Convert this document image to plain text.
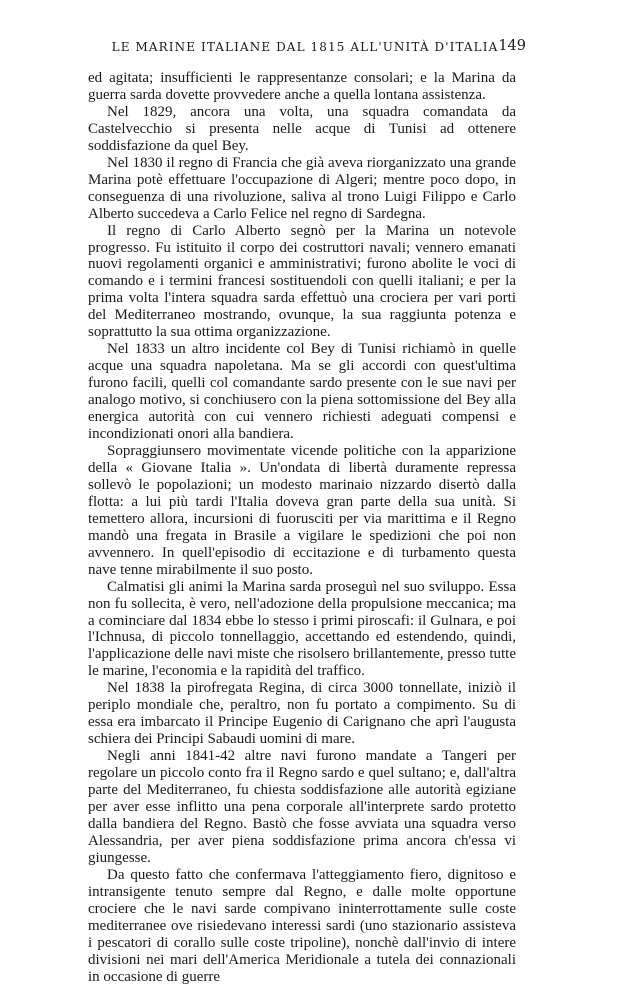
LE MARINE ITALIANE DAL 1815 ALL'UNITÀ D'ITALIA 149

ed agitata; insufficienti le rappresentanze consolari; e la Marina da guerra sarda dovette provvedere anche a quella lontana assistenza.

Nel 1829, ancora una volta, una squadra comandata da Castelvecchio si presenta nelle acque di Tunisi ad ottenere soddisfazione da quel Bey.

Nel 1830 il regno di Francia che già aveva riorganizzato una grande Marina potè effettuare l'occupazione di Algeri; mentre poco dopo, in conseguenza di una rivoluzione, saliva al trono Luigi Filippo e Carlo Alberto succedeva a Carlo Felice nel regno di Sardegna.

Il regno di Carlo Alberto segnò per la Marina un notevole progresso. Fu istituito il corpo dei costruttori navali; vennero emanati nuovi regolamenti organici e amministrativi; furono abolite le voci di comando e i termini francesi sostituendoli con quelli italiani; e per la prima volta l'intera squadra sarda effettuò una crociera per vari porti del Mediterraneo mostrando, ovunque, la sua raggiunta potenza e soprattutto la sua ottima organizzazione.

Nel 1833 un altro incidente col Bey di Tunisi richiamò in quelle acque una squadra napoletana. Ma se gli accordi con quest'ultima furono facili, quelli col comandante sardo presente con le sue navi per analogo motivo, si conchiusero con la piena sottomissione del Bey alla energica autorità con cui vennero richiesti adeguati compensi e incondizionati onori alla bandiera.

Sopraggiunsero movimentate vicende politiche con la apparizione della « Giovane Italia ». Un'ondata di libertà duramente repressa sollevò le popolazioni; un modesto marinaio nizzardo disertò dalla flotta: a lui più tardi l'Italia doveva gran parte della sua unità. Si temettero allora, incursioni di fuorusciti per via marittima e il Regno mandò una fregata in Brasile a vigilare le spedizioni che poi non avvennero. In quell'episodio di eccitazione e di turbamento questa nave tenne mirabilmente il suo posto.

Calmatisi gli animi la Marina sarda proseguì nel suo sviluppo. Essa non fu sollecita, è vero, nell'adozione della propulsione meccanica; ma a cominciare dal 1834 ebbe lo stesso i primi piroscafi: il Gulnara, e poi l'Ichnusa, di piccolo tonnellaggio, accettando ed estendendo, quindi, l'applicazione delle navi miste che risolsero brillantemente, presso tutte le marine, l'economia e la rapidità del traffico.

Nel 1838 la pirofregata Regina, di circa 3000 tonnellate, iniziò il periplo mondiale che, peraltro, non fu portato a compimento. Su di essa era imbarcato il Principe Eugenio di Carignano che aprì l'augusta schiera dei Principi Sabaudi uomini di mare.

Negli anni 1841-42 altre navi furono mandate a Tangeri per regolare un piccolo conto fra il Regno sardo e quel sultano; e, dall'altra parte del Mediterraneo, fu chiesta soddisfazione alle autorità egiziane per aver esse inflitto una pena corporale all'interprete sardo protetto dalla bandiera del Regno. Bastò che fosse avviata una squadra verso Alessandria, per aver piena soddisfazione prima ancora ch'essa vi giungesse.

Da questo fatto che confermava l'atteggiamento fiero, dignitoso e intransigente tenuto sempre dal Regno, e dalle molte opportune crociere che le navi sarde compivano ininterrottamente sulle coste mediterranee ove risiedevano interessi sardi (uno stazionario assisteva i pescatori di corallo sulle coste tripoline), nonchè dall'invio di intere divisioni nei mari dell'America Meridionale a tutela dei connazionali in occasione di guerre
